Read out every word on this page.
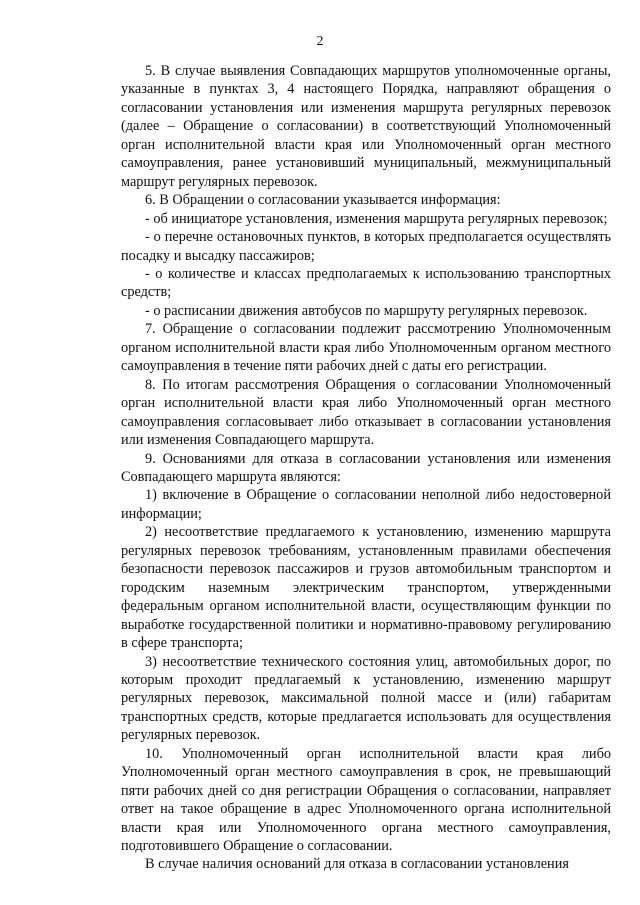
2

5. В случае выявления Совпадающих маршрутов уполномоченные органы, указанные в пунктах 3, 4 настоящего Порядка, направляют обращения о согласовании установления или изменения маршрута регулярных перевозок (далее – Обращение о согласовании) в соответствующий Уполномоченный орган исполнительной власти края или Уполномоченный орган местного самоуправления, ранее установивший муниципальный, межмуниципальный маршрут регулярных перевозок.

6. В Обращении о согласовании указывается информация:

- об инициаторе установления, изменения маршрута регулярных перевозок;

- о перечне остановочных пунктов, в которых предполагается осуществлять посадку и высадку пассажиров;

- о количестве и классах предполагаемых к использованию транспортных средств;

- о расписании движения автобусов по маршруту регулярных перевозок.

7. Обращение о согласовании подлежит рассмотрению Уполномоченным органом исполнительной власти края либо Уполномоченным органом местного самоуправления в течение пяти рабочих дней с даты его регистрации.

8. По итогам рассмотрения Обращения о согласовании Уполномоченный орган исполнительной власти края либо Уполномоченный орган местного самоуправления согласовывает либо отказывает в согласовании установления или изменения Совпадающего маршрута.

9. Основаниями для отказа в согласовании установления или изменения Совпадающего маршрута являются:

1) включение в Обращение о согласовании неполной либо недостоверной информации;

2) несоответствие предлагаемого к установлению, изменению маршрута регулярных перевозок требованиям, установленным правилами обеспечения безопасности перевозок пассажиров и грузов автомобильным транспортом и городским наземным электрическим транспортом, утвержденными федеральным органом исполнительной власти, осуществляющим функции по выработке государственной политики и нормативно-правовому регулированию в сфере транспорта;

3) несоответствие технического состояния улиц, автомобильных дорог, по которым проходит предлагаемый к установлению, изменению маршрут регулярных перевозок, максимальной полной массе и (или) габаритам транспортных средств, которые предлагается использовать для осуществления регулярных перевозок.

10. Уполномоченный орган исполнительной власти края либо Уполномоченный орган местного самоуправления в срок, не превышающий пяти рабочих дней со дня регистрации Обращения о согласовании, направляет ответ на такое обращение в адрес Уполномоченного органа исполнительной власти края или Уполномоченного органа местного самоуправления, подготовившего Обращение о согласовании.

В случае наличия оснований для отказа в согласовании установления
